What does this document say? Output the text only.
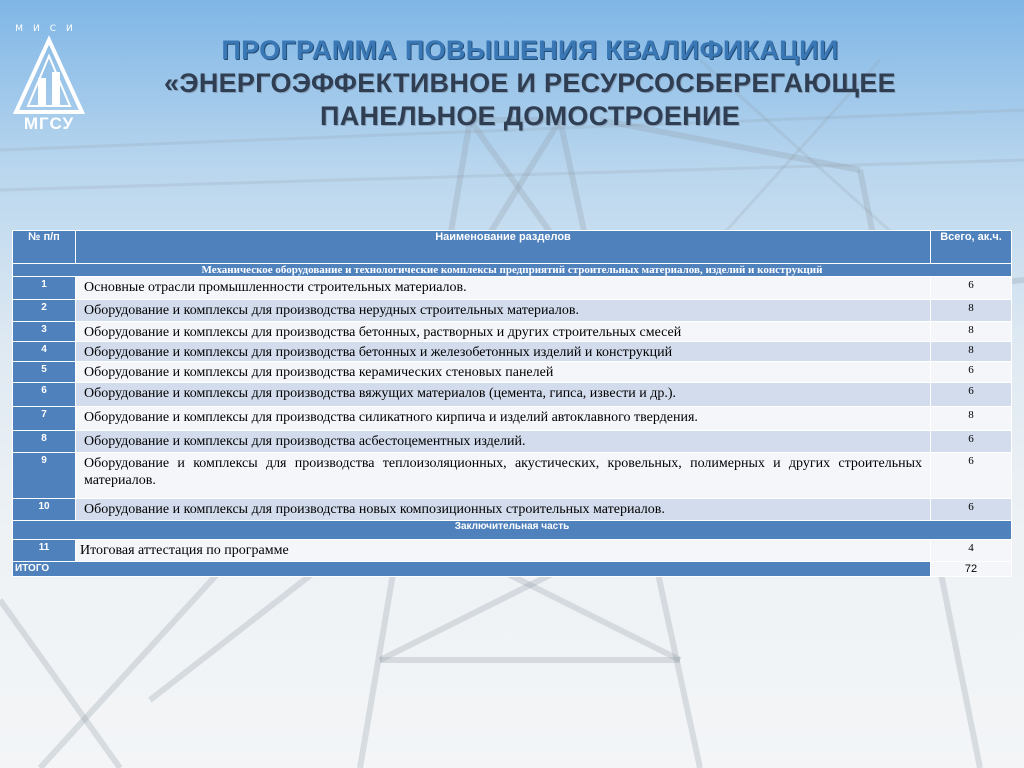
МИСИ
МГСУ
ПРОГРАММА ПОВЫШЕНИЯ КВАЛИФИКАЦИИ
«ЭНЕРГОЭФФЕКТИВНОЕ И РЕСУРСОСБЕРЕГАЮЩЕЕ
ПАНЕЛЬНОЕ ДОМОСТРОЕНИЕ
№ п/п	Наименование разделов	Всего, ак.ч.
Механическое оборудование и технологические комплексы предприятий строительных материалов, изделий и конструкций		
1	Основные отрасли промышленности строительных материалов.	6
2	Оборудование и комплексы для производства нерудных строительных материалов.	8
3	Оборудование и комплексы для производства бетонных, растворных и других строительных смесей	8
4	Оборудование и комплексы для производства бетонных и железобетонных изделий и конструкций	8
5	Оборудование и комплексы для производства керамических стеновых панелей	6
6	Оборудование и комплексы для производства вяжущих материалов (цемента, гипса, извести и др.).	6
7	Оборудование и комплексы для производства силикатного кирпича и изделий автоклавного твердения.	8
8	Оборудование и комплексы для производства асбестоцементных изделий.	6
9	Оборудование и комплексы для производства теплоизоляционных, акустических, кровельных, полимерных и других строительных материалов.	6
10	Оборудование и комплексы для производства новых композиционных строительных материалов.	6
Заключительная часть		
11	Итоговая аттестация по программе	4
ИТОГО		72
